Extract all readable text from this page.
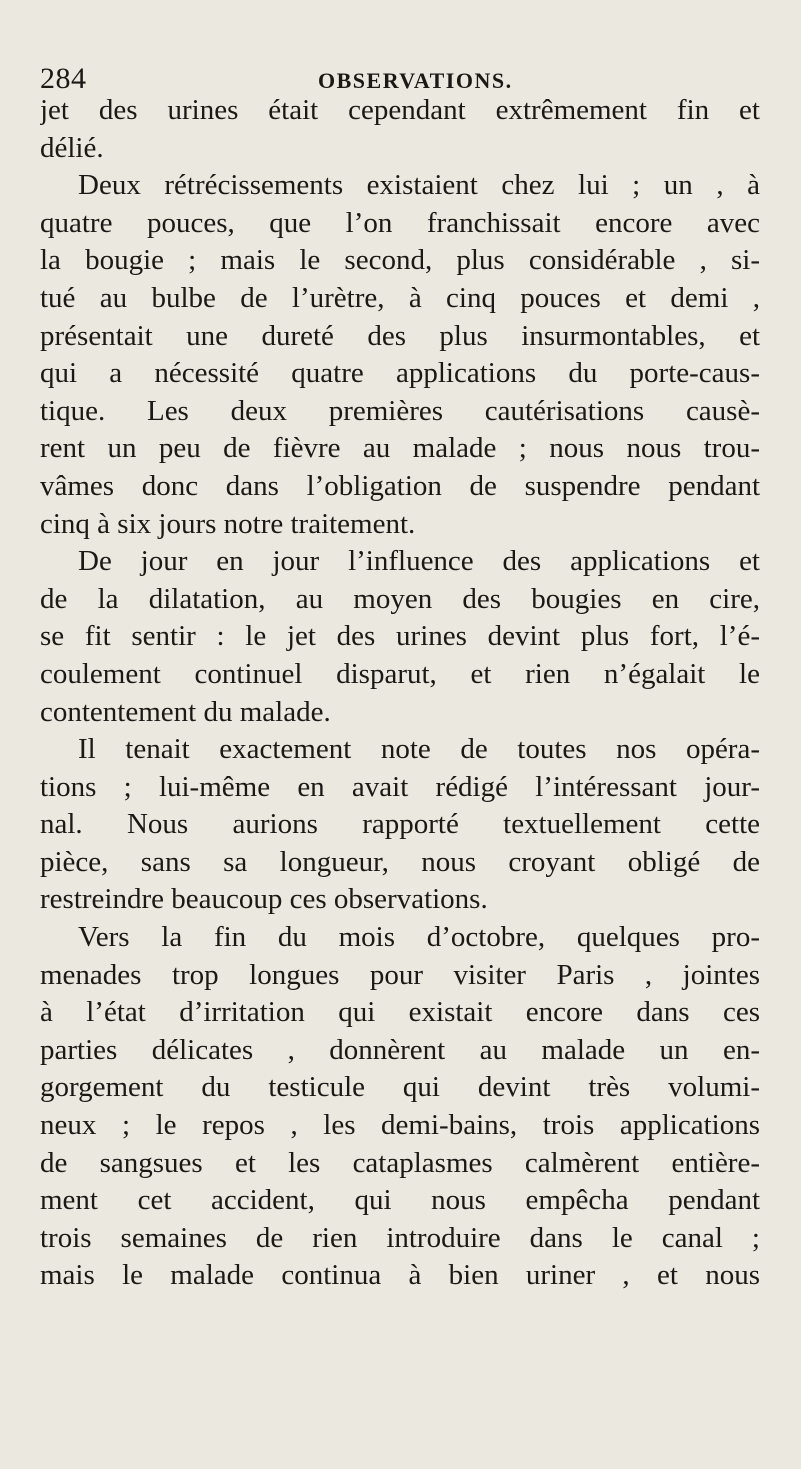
284	OBSERVATIONS.
jet des urines était cependant extrêmement fin et
délié.
Deux rétrécissements existaient chez lui ; un , à
quatre pouces, que l’on franchissait encore avec
la bougie ; mais le second, plus considérable , si-
tué au bulbe de l’urètre, à cinq pouces et demi ,
présentait une dureté des plus insurmontables, et
qui a nécessité quatre applications du porte-caus-
tique. Les deux premières cautérisations causè-
rent un peu de fièvre au malade ; nous nous trou-
vâmes donc dans l’obligation de suspendre pendant
cinq à six jours notre traitement.
De jour en jour l’influence des applications et
de la dilatation, au moyen des bougies en cire,
se fit sentir : le jet des urines devint plus fort, l’é-
coulement continuel disparut, et rien n’égalait le
contentement du malade.
Il tenait exactement note de toutes nos opéra-
tions ; lui-même en avait rédigé l’intéressant jour-
nal. Nous aurions rapporté textuellement cette
pièce, sans sa longueur, nous croyant obligé de
restreindre beaucoup ces observations.
Vers la fin du mois d’octobre, quelques pro-
menades trop longues pour visiter Paris , jointes
à l’état d’irritation qui existait encore dans ces
parties délicates , donnèrent au malade un en-
gorgement du testicule qui devint très volumi-
neux ; le repos , les demi-bains, trois applications
de sangsues et les cataplasmes calmèrent entière-
ment cet accident, qui nous empêcha pendant
trois semaines de rien introduire dans le canal ;
mais le malade continua à bien uriner , et nous
